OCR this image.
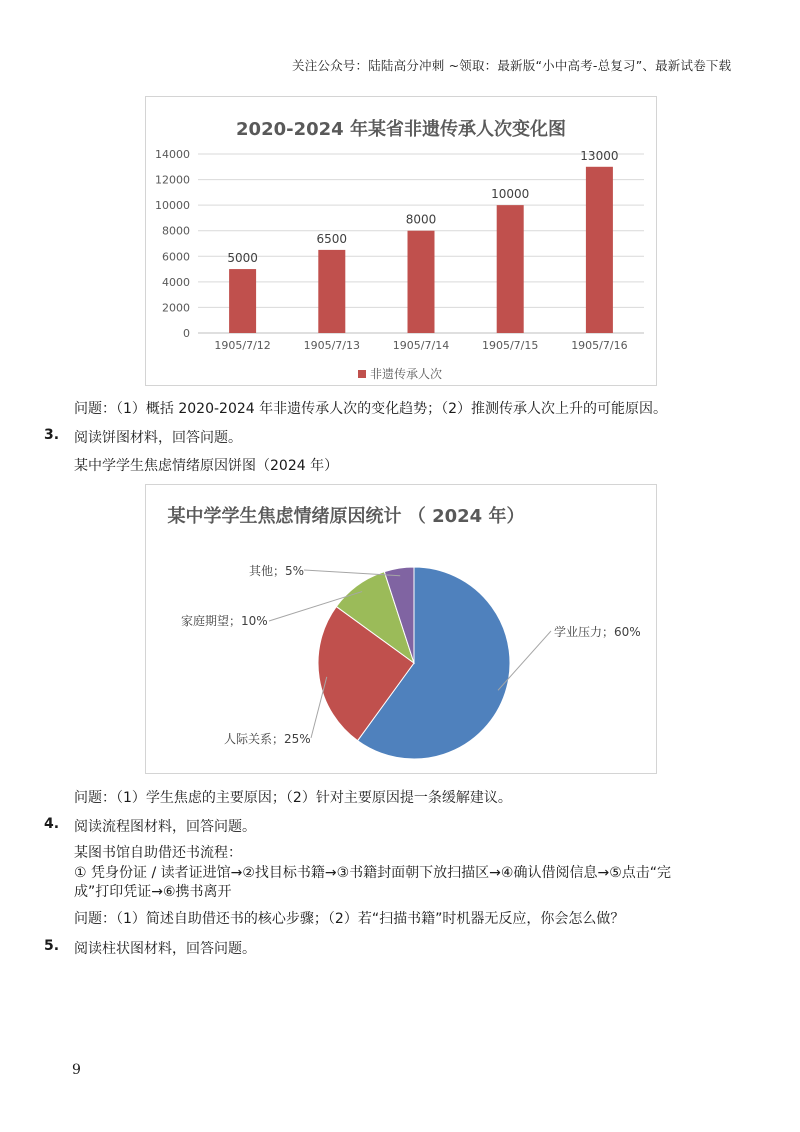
关注公众号：陆陆高分冲刺 ~领取：最新版“小中高考-总复习”、最新试卷下载
2020-2024 年某省非遗传承人次变化图
0
2000
4000
6000
8000
10000
12000
14000
5000
1905/7/12
6500
1905/7/13
8000
1905/7/14
10000
1905/7/15
13000
1905/7/16
非遗传承人次
问题：（1）概括 2020-2024 年非遗传承人次的变化趋势；（2）推测传承人次上升的可能原因。
3. 阅读饼图材料，回答问题。
某中学学生焦虑情绪原因饼图（2024 年）
某中学学生焦虑情绪原因统计 （ 2024 年）
学业压力；60%
人际关系；25%
家庭期望；10%
其他；5%
问题：（1）学生焦虑的主要原因；（2）针对主要原因提一条缓解建议。
4. 阅读流程图材料，回答问题。
某图书馆自助借还书流程：
① 凭身份证 / 读者证进馆→②找目标书籍→③书籍封面朝下放扫描区→④确认借阅信息→⑤点击“完
成”打印凭证→⑥携书离开
问题：（1）简述自助借还书的核心步骤；（2）若“扫描书籍”时机器无反应，你会怎么做？
5. 阅读柱状图材料，回答问题。
9
